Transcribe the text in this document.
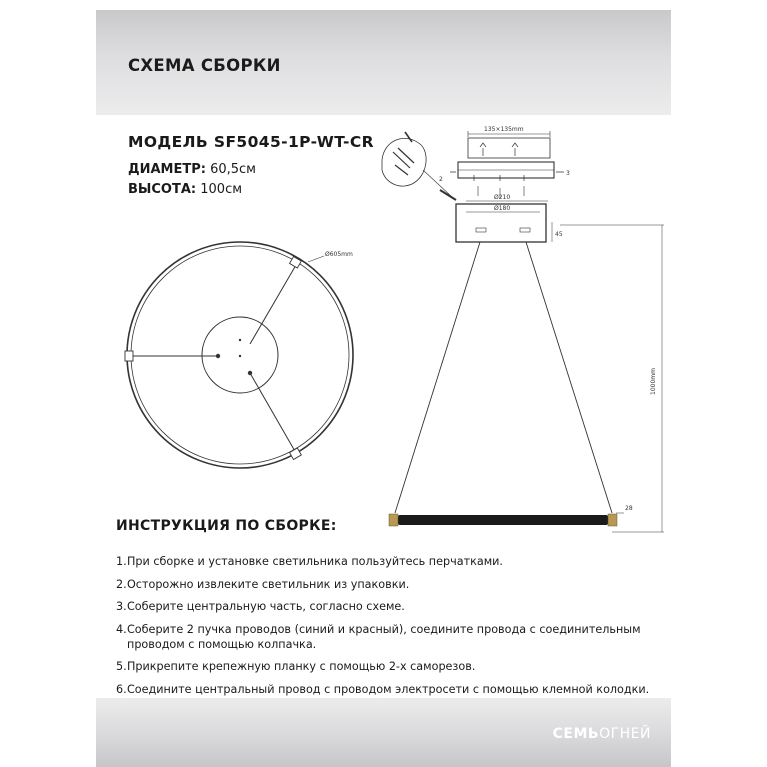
СХЕМА СБОРКИ
МОДЕЛЬ SF5045-1P-WT-CR
ДИАМЕТР: 60,5см
ВЫСОТА: 100см
Ø605mm
135×135mm
2
3
Ø210
Ø180
45
1000mm
28
ИНСТРУКЦИЯ ПО СБОРКЕ:
1. При сборке и установке светильника пользуйтесь перчатками.
2. Осторожно извлеките светильник из упаковки.
3. Соберите центральную часть, согласно схеме.
4. Соберите 2 пучка проводов (синий и красный), соедините провода с соединительным проводом с помощью колпачка.
5. Прикрепите крепежную планку с помощью 2-х саморезов.
6. Соедините центральный провод с проводом электросети с помощью клемной колодки.
СЕМЬОГНЕЙ
